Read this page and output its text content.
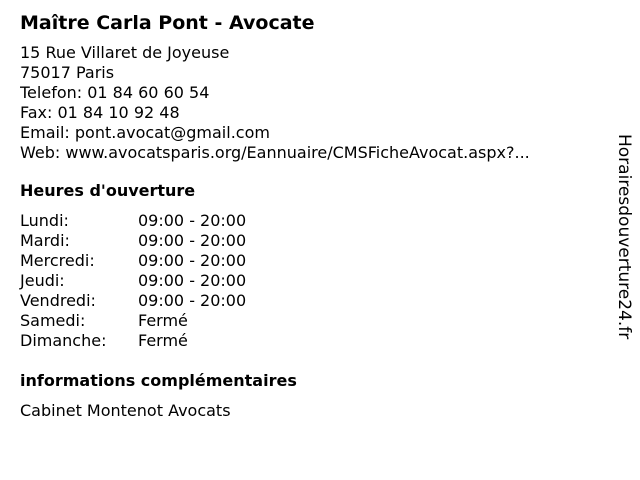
Maître Carla Pont - Avocate
15 Rue Villaret de Joyeuse
75017 Paris
Telefon: 01 84 60 60 54
Fax: 01 84 10 92 48
Email: pont.avocat@gmail.com
Web: www.avocatsparis.org/Eannuaire/CMSFicheAvocat.aspx?...
Heures d'ouverture
Lundi:	09:00 - 20:00
Mardi:	09:00 - 20:00
Mercredi:	09:00 - 20:00
Jeudi:	09:00 - 20:00
Vendredi:	09:00 - 20:00
Samedi:	Fermé
Dimanche:	Fermé
informations complémentaires
Cabinet Montenot Avocats
Horairesdouverture24.fr
